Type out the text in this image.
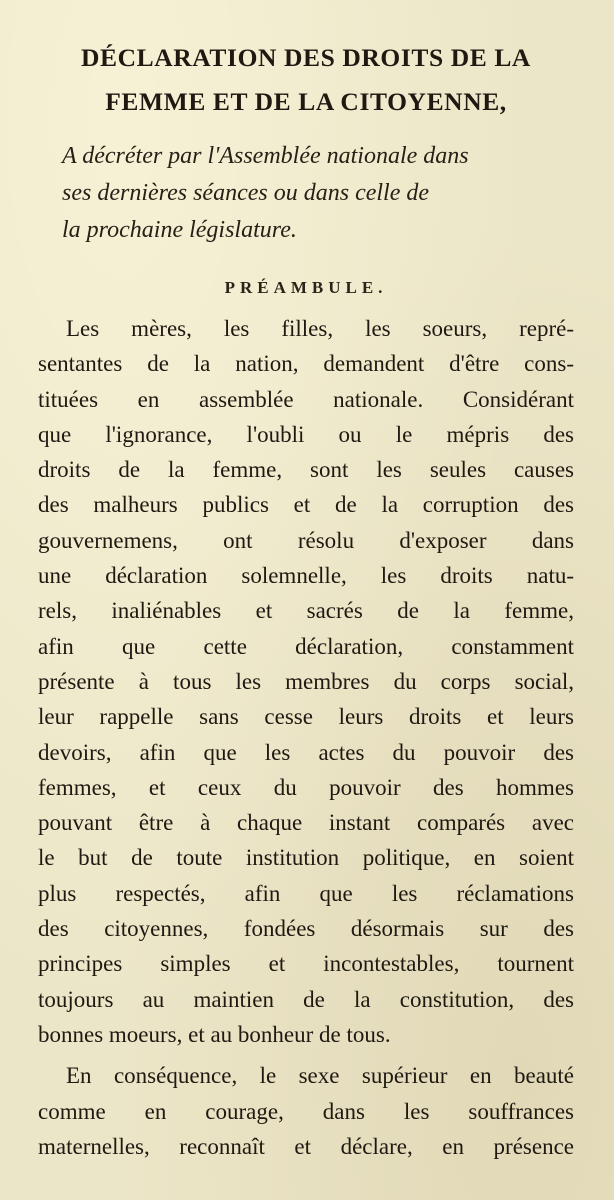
DÉCLARATION DES DROITS DE LA
FEMME ET DE LA CITOYENNE,

A décréter par l'Assemblée nationale dans
ses dernières séances ou dans celle de
la prochaine législature.

PRÉAMBULE.
Les mères, les filles, les soeurs, repré-
sentantes de la nation, demandent d'être cons-
tituées en assemblée nationale. Considérant
que l'ignorance, l'oubli ou le mépris des
droits de la femme, sont les seules causes
des malheurs publics et de la corruption des
gouvernemens, ont résolu d'exposer dans
une déclaration solemnelle, les droits natu-
rels, inaliénables et sacrés de la femme,
afin que cette déclaration, constamment
présente à tous les membres du corps social,
leur rappelle sans cesse leurs droits et leurs
devoirs, afin que les actes du pouvoir des
femmes, et ceux du pouvoir des hommes
pouvant être à chaque instant comparés avec
le but de toute institution politique, en soient
plus respectés, afin que les réclamations
des citoyennes, fondées désormais sur des
principes simples et incontestables, tournent
toujours au maintien de la constitution, des
bonnes moeurs, et au bonheur de tous.
En conséquence, le sexe supérieur en beauté
comme en courage, dans les souffrances
maternelles, reconnaît et déclare, en présence
